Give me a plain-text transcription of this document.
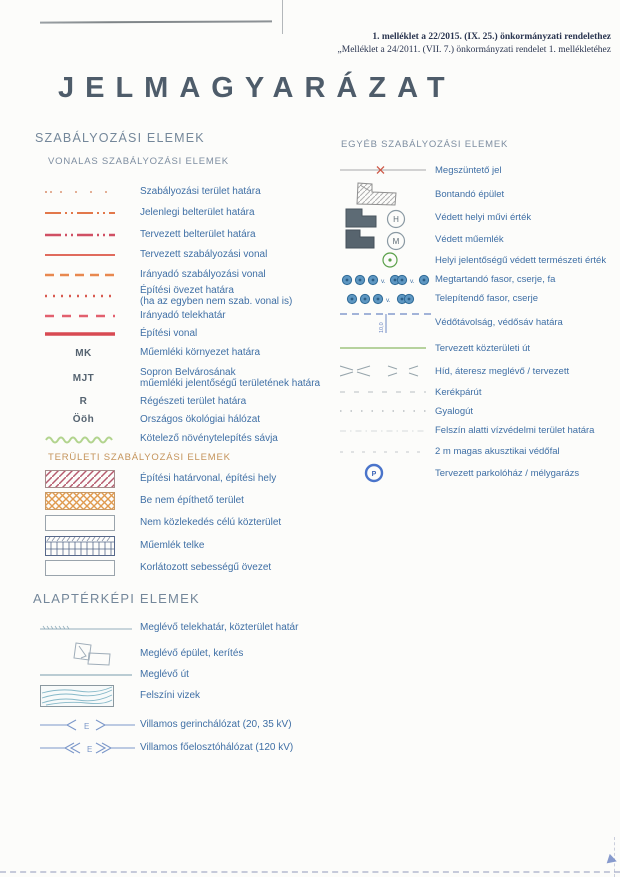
1. melléklet a 22/2015. (IX. 25.) önkormányzati rendelethez
„Melléklet a 24/2011. (VII. 7.) önkormányzati rendelet 1. mellékletéhez
JELMAGYARÁZAT
SZABÁLYOZÁSI ELEMEK
VONALAS SZABÁLYOZÁSI ELEMEK
Szabályozási terület határa
Jelenlegi belterület határa
Tervezett belterület határa
Tervezett szabályozási vonal
Irányadó szabályozási vonal
Építési övezet határa
(ha az egyben nem szab. vonal is)
Irányadó telekhatár
Építési vonal
MK	Műemléki környezet határa
MJT
Sopron Belvárosának
műemléki jelentőségű területének határa
R	Régészeti terület határa
Ööh	Országos ökológiai hálózat
Kötelező növénytelepítés sávja
TERÜLETI SZABÁLYOZÁSI ELEMEK
Építési határvonal, építési hely
Be nem építhető terület
Nem közlekedés célú közterület
Műemlék telke
Korlátozott sebességű övezet
ALAPTÉRKÉPI ELEMEK
Meglévő telekhatár, közterület határ
Meglévő épület, kerítés
Meglévő út
Felszíni vizek
E	Villamos gerinchálózat (20, 35 kV)
E	Villamos főelosztóhálózat (120 kV)
EGYÉB SZABÁLYOZÁSI ELEMEK
Megszüntető jel
Bontandó épület
H	Védett helyi művi érték
M	Védett műemlék
Helyi jelentőségű védett természeti érték
v.	v. Megtartandó fasor, cserje, fa
v.	Telepítendő fasor, cserje
10,0
Védőtávolság, védősáv határa
Tervezett közterületi út
Híd, áteresz meglévő / tervezett
Kerékpárút
Gyalogút
Felszín alatti vízvédelmi terület határa
2 m magas akusztikai védőfal
P	Tervezett parkolóház / mélygarázs
